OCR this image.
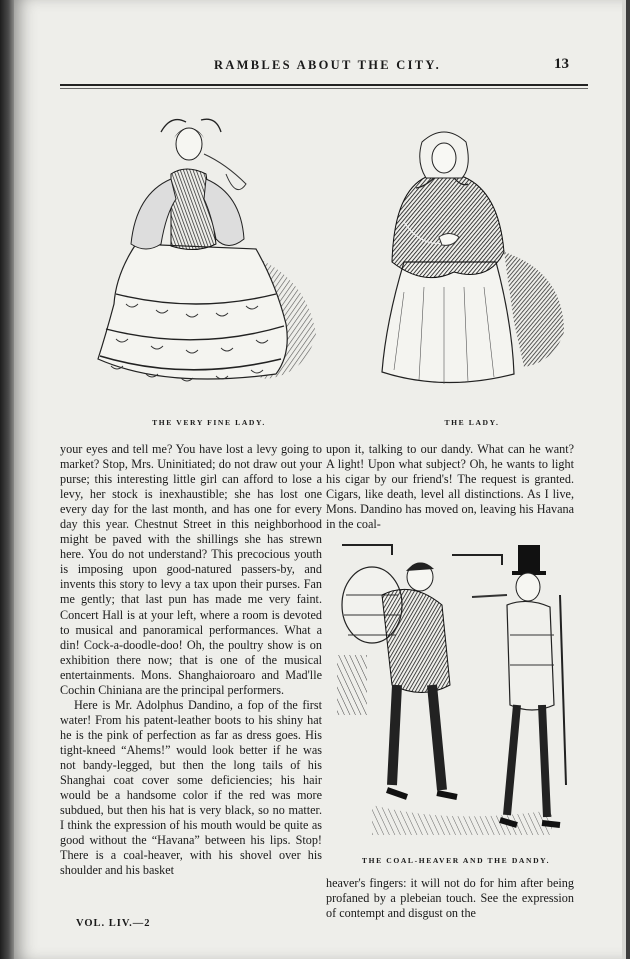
RAMBLES ABOUT THE CITY.	13
THE VERY FINE LADY.	THE LADY.

your eyes and tell me? You have lost a levy going to market? Stop, Mrs. Uninitiated; do not draw out your purse; this interesting little girl can afford to lose a levy, her stock is inexhaustible; she has lost one every day for the last month, and has one for every day this year. Chestnut Street in this neighborhood might be paved with the shillings she has strewn here. You do not understand? This precocious youth is imposing upon good-natured passers-by, and invents this story to levy a tax upon their purses. Fan me gently; that last pun has made me very faint. Concert Hall is at your left, where a room is devoted to musical and panoramical performances. What a din! Cock-a-doodle-doo! Oh, the poultry show is on exhibition there now; that is one of the musical entertainments. Mons. Shanghaioroaro and Mad'lle Cochin Chiniana are the principal performers.

Here is Mr. Adolphus Dandino, a fop of the first water! From his patent-leather boots to his shiny hat he is the pink of perfection as far as dress goes. His tight-kneed “Ahems!” would look better if he was not bandy-legged, but then the long tails of his Shanghai coat cover some deficiencies; his hair would be a handsome color if the red was more subdued, but then his hat is very black, so no matter. I think the expression of his mouth would be quite as good without the “Havana” between his lips. Stop! There is a coal-heaver, with his shovel over his shoulder and his basket

upon it, talking to our dandy. What can he want? A light! Upon what subject? Oh, he wants to light his cigar by our friend's! The request is granted. Cigars, like death, level all distinctions. As I live, Mons. Dandino has moved on, leaving his Havana in the coal-

THE COAL-HEAVER AND THE DANDY.

heaver's fingers: it will not do for him after being profaned by a plebeian touch. See the expression of contempt and disgust on the

VOL. LIV.—2
